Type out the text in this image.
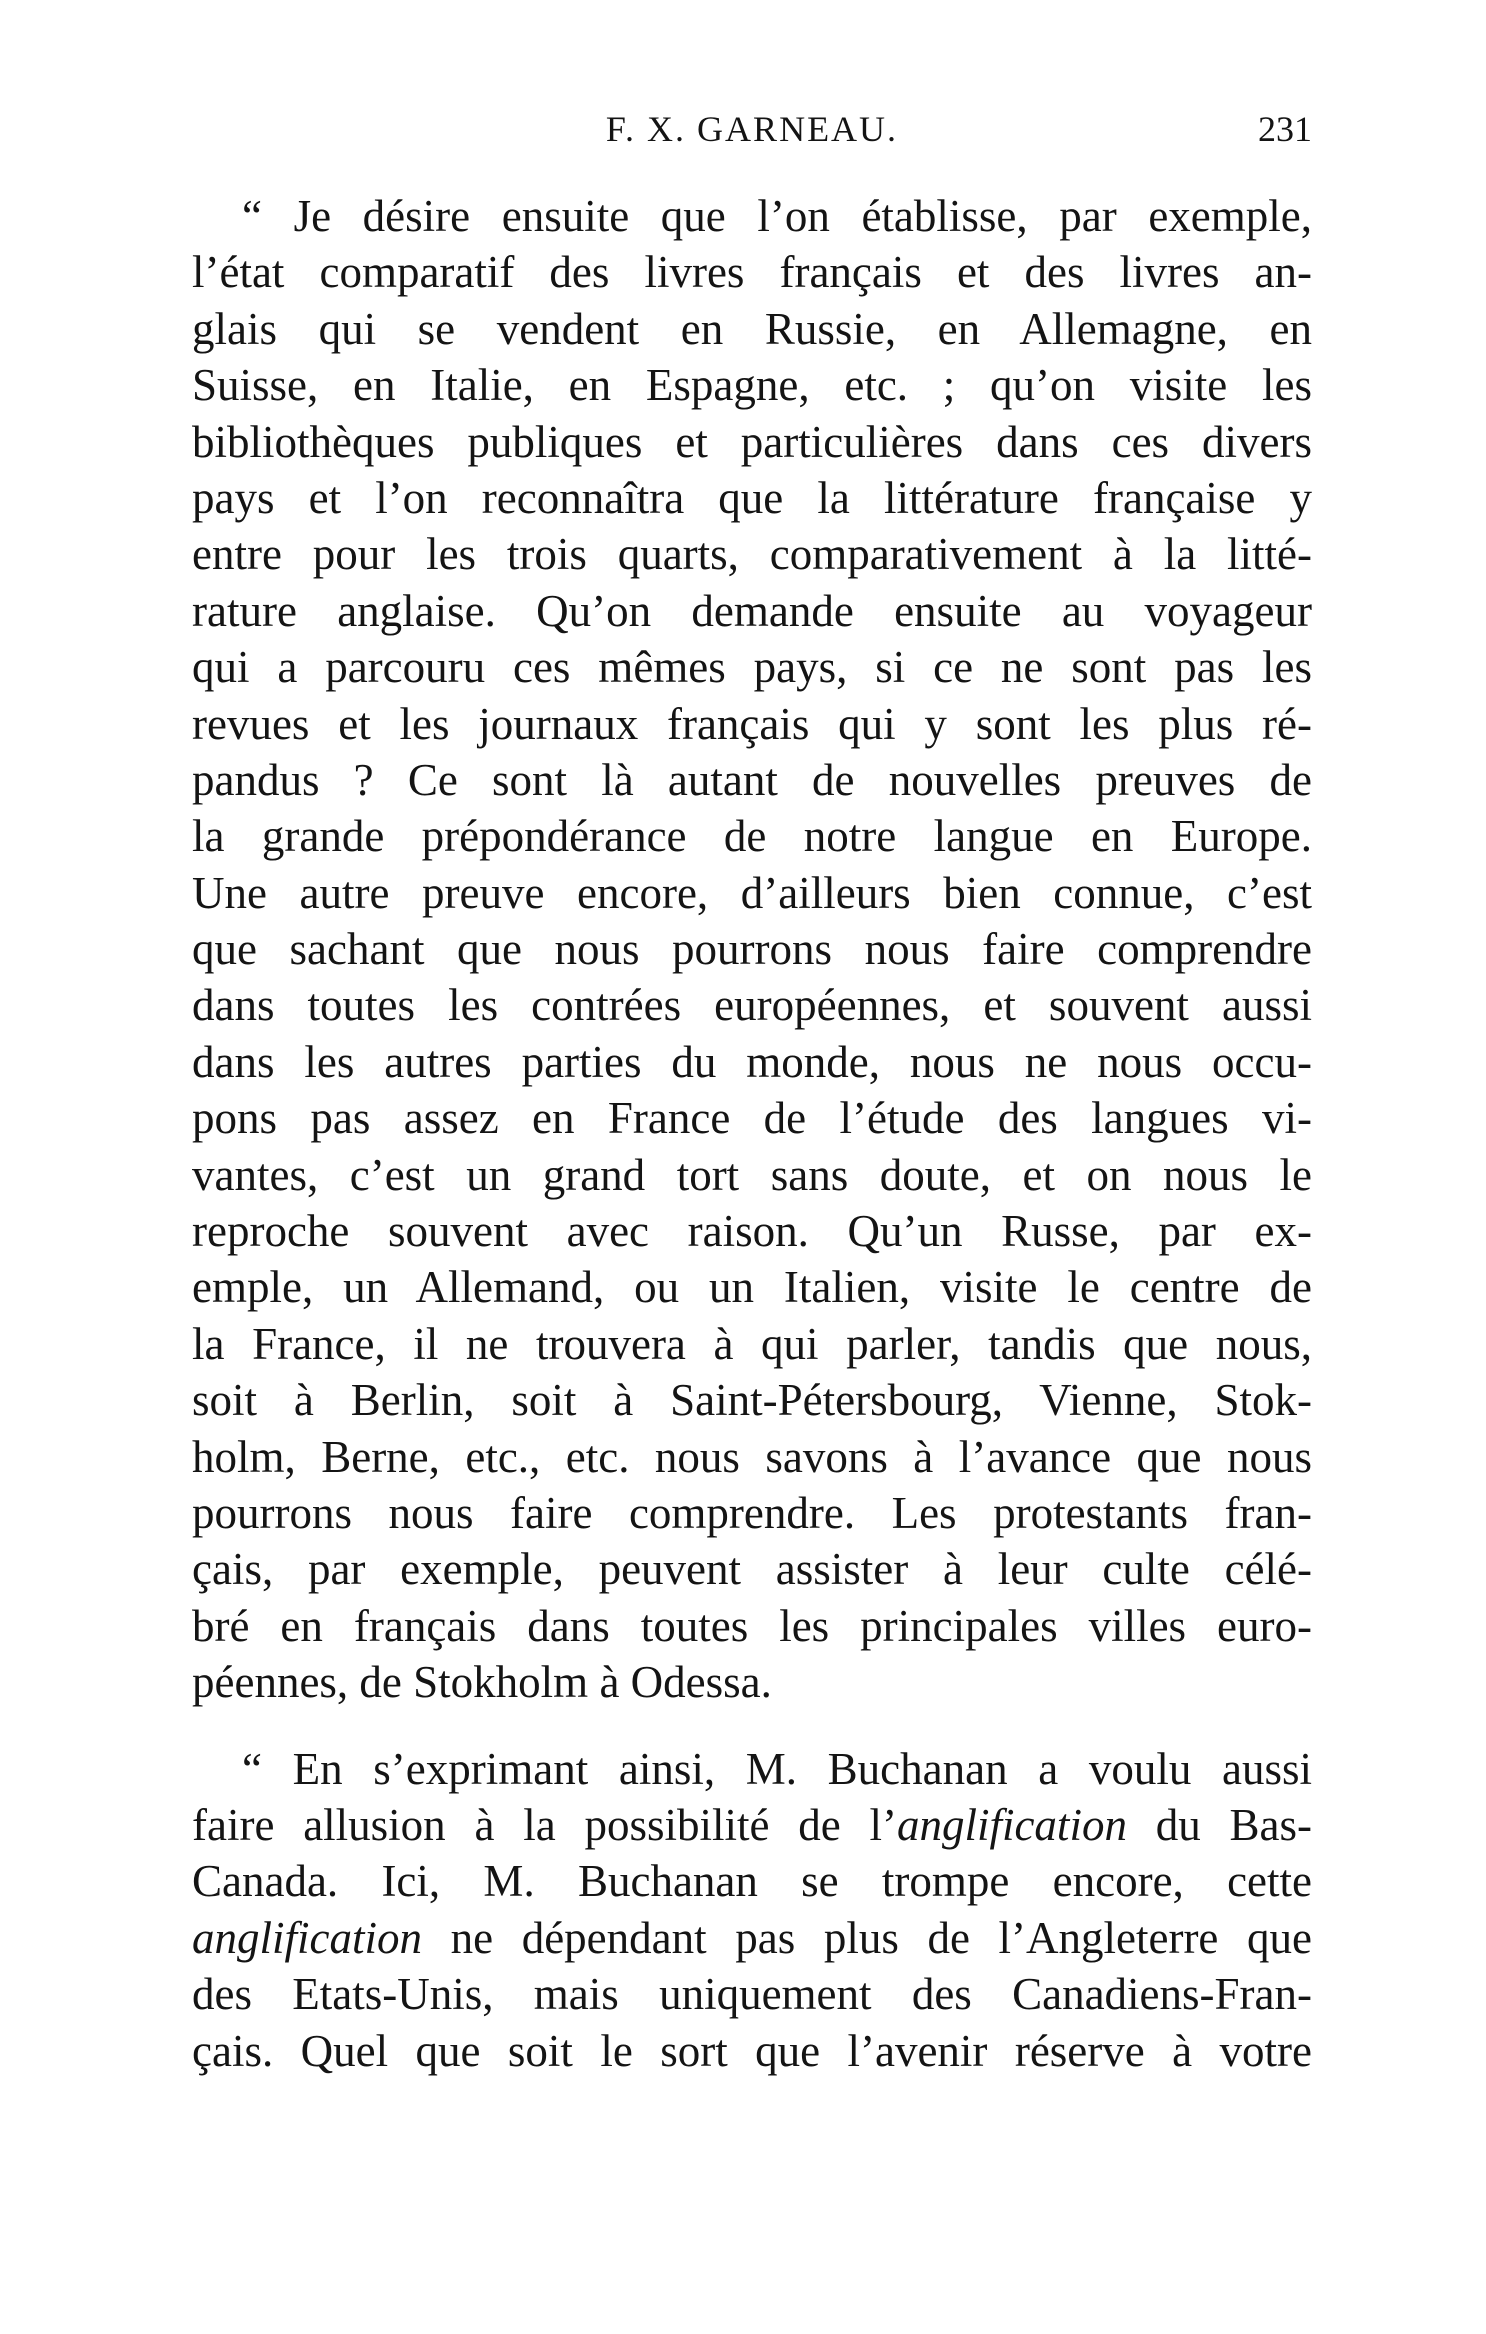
F. X. GARNEAU.	231
“ Je désire ensuite que l’on établisse, par exemple,
l’état comparatif des livres français et des livres an-
glais qui se vendent en Russie, en Allemagne, en
Suisse, en Italie, en Espagne, etc. ; qu’on visite les
bibliothèques publiques et particulières dans ces divers
pays et l’on reconnaîtra que la littérature française y
entre pour les trois quarts, comparativement à la litté-
rature anglaise. Qu’on demande ensuite au voyageur
qui a parcouru ces mêmes pays, si ce ne sont pas les
revues et les journaux français qui y sont les plus ré-
pandus ? Ce sont là autant de nouvelles preuves de
la grande prépondérance de notre langue en Europe.
Une autre preuve encore, d’ailleurs bien connue, c’est
que sachant que nous pourrons nous faire comprendre
dans toutes les contrées européennes, et souvent aussi
dans les autres parties du monde, nous ne nous occu-
pons pas assez en France de l’étude des langues vi-
vantes, c’est un grand tort sans doute, et on nous le
reproche souvent avec raison. Qu’un Russe, par ex-
emple, un Allemand, ou un Italien, visite le centre de
la France, il ne trouvera à qui parler, tandis que nous,
soit à Berlin, soit à Saint-Pétersbourg, Vienne, Stok-
holm, Berne, etc., etc. nous savons à l’avance que nous
pourrons nous faire comprendre. Les protestants fran-
çais, par exemple, peuvent assister à leur culte célé-
bré en français dans toutes les principales villes euro-
péennes, de Stokholm à Odessa.
“ En s’exprimant ainsi, M. Buchanan a voulu aussi
faire allusion à la possibilité de l’anglification du Bas-
Canada. Ici, M. Buchanan se trompe encore, cette
anglification ne dépendant pas plus de l’Angleterre que
des Etats-Unis, mais uniquement des Canadiens-Fran-
çais. Quel que soit le sort que l’avenir réserve à votre
